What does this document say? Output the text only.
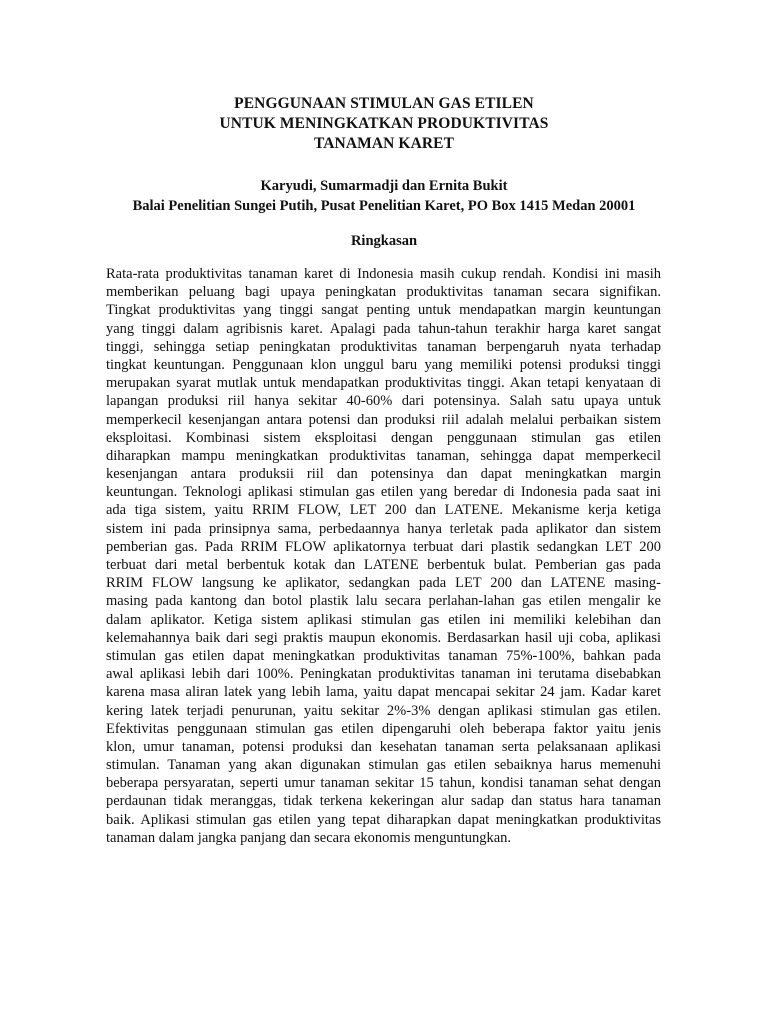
PENGGUNAAN STIMULAN GAS ETILEN
UNTUK MENINGKATKAN PRODUKTIVITAS
TANAMAN KARET
Karyudi, Sumarmadji dan Ernita Bukit
Balai Penelitian Sungei Putih, Pusat Penelitian Karet, PO Box 1415 Medan 20001
Ringkasan
Rata-rata produktivitas tanaman karet di Indonesia masih cukup rendah. Kondisi ini masih
memberikan peluang bagi upaya peningkatan produktivitas tanaman secara signifikan.
Tingkat produktivitas yang tinggi sangat penting untuk mendapatkan margin keuntungan
yang tinggi dalam agribisnis karet. Apalagi pada tahun-tahun terakhir harga karet sangat
tinggi, sehingga setiap peningkatan produktivitas tanaman berpengaruh nyata terhadap
tingkat keuntungan. Penggunaan klon unggul baru yang memiliki potensi produksi tinggi
merupakan syarat mutlak untuk mendapatkan produktivitas tinggi. Akan tetapi kenyataan di
lapangan produksi riil hanya sekitar 40-60% dari potensinya. Salah satu upaya untuk
memperkecil kesenjangan antara potensi dan produksi riil adalah melalui perbaikan sistem
eksploitasi. Kombinasi sistem eksploitasi dengan penggunaan stimulan gas etilen
diharapkan mampu meningkatkan produktivitas tanaman, sehingga dapat memperkecil
kesenjangan antara produksii riil dan potensinya dan dapat meningkatkan margin
keuntungan. Teknologi aplikasi stimulan gas etilen yang beredar di Indonesia pada saat ini
ada tiga sistem, yaitu RRIM FLOW, LET 200 dan LATENE. Mekanisme kerja ketiga
sistem ini pada prinsipnya sama, perbedaannya hanya terletak pada aplikator dan sistem
pemberian gas. Pada RRIM FLOW aplikatornya terbuat dari plastik sedangkan LET 200
terbuat dari metal berbentuk kotak dan LATENE berbentuk bulat. Pemberian gas pada
RRIM FLOW langsung ke aplikator, sedangkan pada LET 200 dan LATENE masing-
masing pada kantong dan botol plastik lalu secara perlahan-lahan gas etilen mengalir ke
dalam aplikator. Ketiga sistem aplikasi stimulan gas etilen ini memiliki kelebihan dan
kelemahannya baik dari segi praktis maupun ekonomis. Berdasarkan hasil uji coba, aplikasi
stimulan gas etilen dapat meningkatkan produktivitas tanaman 75%-100%, bahkan pada
awal aplikasi lebih dari 100%. Peningkatan produktivitas tanaman ini terutama disebabkan
karena masa aliran latek yang lebih lama, yaitu dapat mencapai sekitar 24 jam. Kadar karet
kering latek terjadi penurunan, yaitu sekitar 2%-3% dengan aplikasi stimulan gas etilen.
Efektivitas penggunaan stimulan gas etilen dipengaruhi oleh beberapa faktor yaitu jenis
klon, umur tanaman, potensi produksi dan kesehatan tanaman serta pelaksanaan aplikasi
stimulan. Tanaman yang akan digunakan stimulan gas etilen sebaiknya harus memenuhi
beberapa persyaratan, seperti umur tanaman sekitar 15 tahun, kondisi tanaman sehat dengan
perdaunan tidak meranggas, tidak terkena kekeringan alur sadap dan status hara tanaman
baik. Aplikasi stimulan gas etilen yang tepat diharapkan dapat meningkatkan produktivitas
tanaman dalam jangka panjang dan secara ekonomis menguntungkan.
